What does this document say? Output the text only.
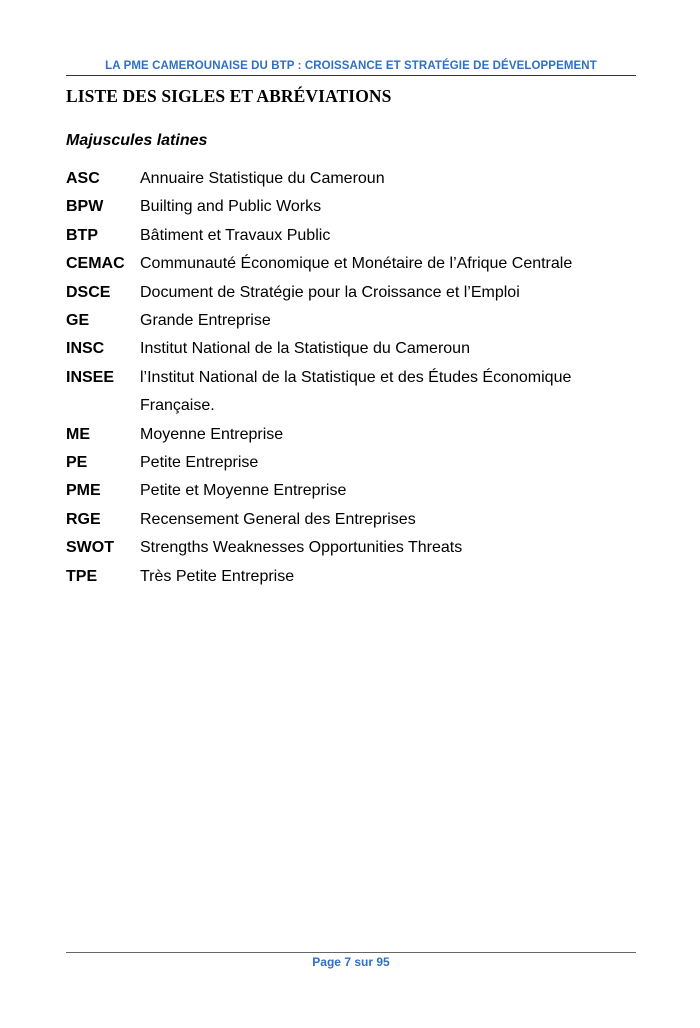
LA PME CAMEROUNAISE DU BTP : CROISSANCE ET STRATÉGIE DE DÉVELOPPEMENT
LISTE DES SIGLES ET ABRÉVIATIONS
Majuscules latines
ASC	Annuaire Statistique du Cameroun
BPW	Builting and Public Works
BTP	Bâtiment et Travaux Public
CEMAC Communauté Économique et Monétaire de l’Afrique Centrale
DSCE	Document de Stratégie pour la Croissance et l’Emploi
GE	Grande Entreprise
INSC	Institut National de la Statistique du Cameroun
INSEE	l’Institut National de la Statistique et des Études Économique Française.
ME	Moyenne Entreprise
PE	Petite Entreprise
PME	Petite et Moyenne Entreprise
RGE	Recensement General des Entreprises
SWOT	Strengths Weaknesses Opportunities Threats
TPE	Très Petite Entreprise
Page 7 sur 95
